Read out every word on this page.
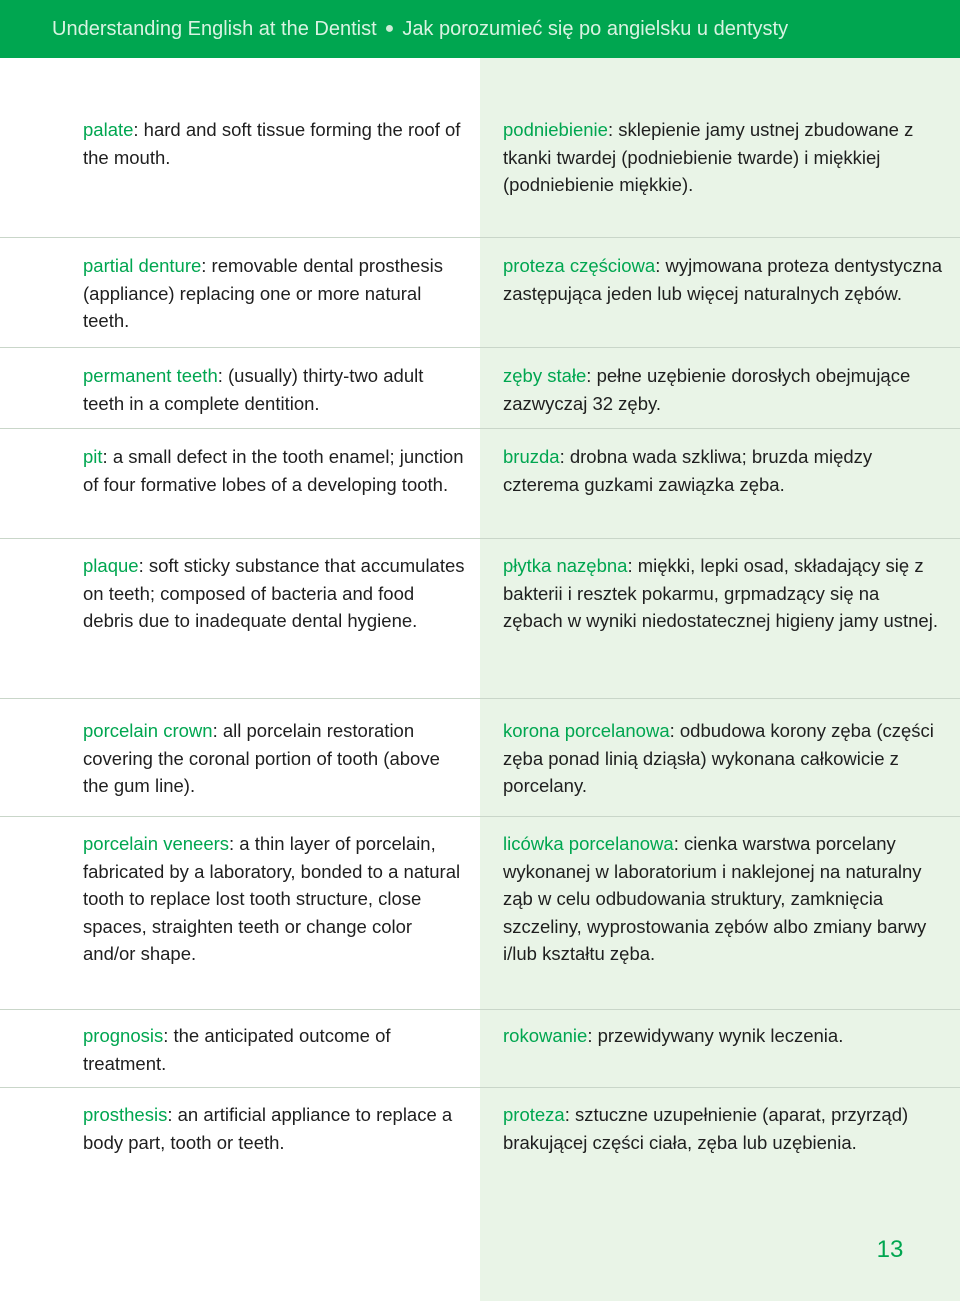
Understanding English at the Dentist ● Jak porozumieć się po angielsku u dentysty
palate: hard and soft tissue forming the roof of the mouth.
podniebienie: sklepienie jamy ustnej zbudowane z tkanki twardej (podniebienie twarde) i miękkiej (podniebienie miękkie).
partial denture: removable dental prosthesis (appliance) replacing one or more natural teeth.
proteza częściowa: wyjmowana proteza dentystyczna zastępująca jeden lub więcej naturalnych zębów.
permanent teeth: (usually) thirty-two adult teeth in a complete dentition.
zęby stałe: pełne uzębienie dorosłych obejmujące zazwyczaj 32 zęby.
pit: a small defect in the tooth enamel; junction of four formative lobes of a developing tooth.
bruzda: drobna wada szkliwa; bruzda między czterema guzkami zawiązka zęba.
plaque: soft sticky substance that accumulates on teeth; composed of bacteria and food debris due to inadequate dental hygiene.
płytka nazębna: miękki, lepki osad, składający się z bakterii i resztek pokarmu, grpmadzący się na zębach w wyniki niedostatecznej higieny jamy ustnej.
porcelain crown: all porcelain restoration covering the coronal portion of tooth (above the gum line).
korona porcelanowa: odbudowa korony zęba (części zęba ponad linią dziąsła) wykonana całkowicie z porcelany.
porcelain veneers: a thin layer of porcelain, fabricated by a laboratory, bonded to a natural tooth to replace lost tooth structure, close spaces, straighten teeth or change color and/or shape.
licówka porcelanowa: cienka warstwa porcelany wykonanej w laboratorium i naklejonej na naturalny ząb w celu odbudowania struktury, zamknięcia szczeliny, wyprostowania zębów albo zmiany barwy i/lub kształtu zęba.
prognosis: the anticipated outcome of treatment.
rokowanie: przewidywany wynik leczenia.
prosthesis: an artificial appliance to replace a body part, tooth or teeth.
proteza: sztuczne uzupełnienie (aparat, przyrząd) brakującej części ciała, zęba lub uzębienia.
13
